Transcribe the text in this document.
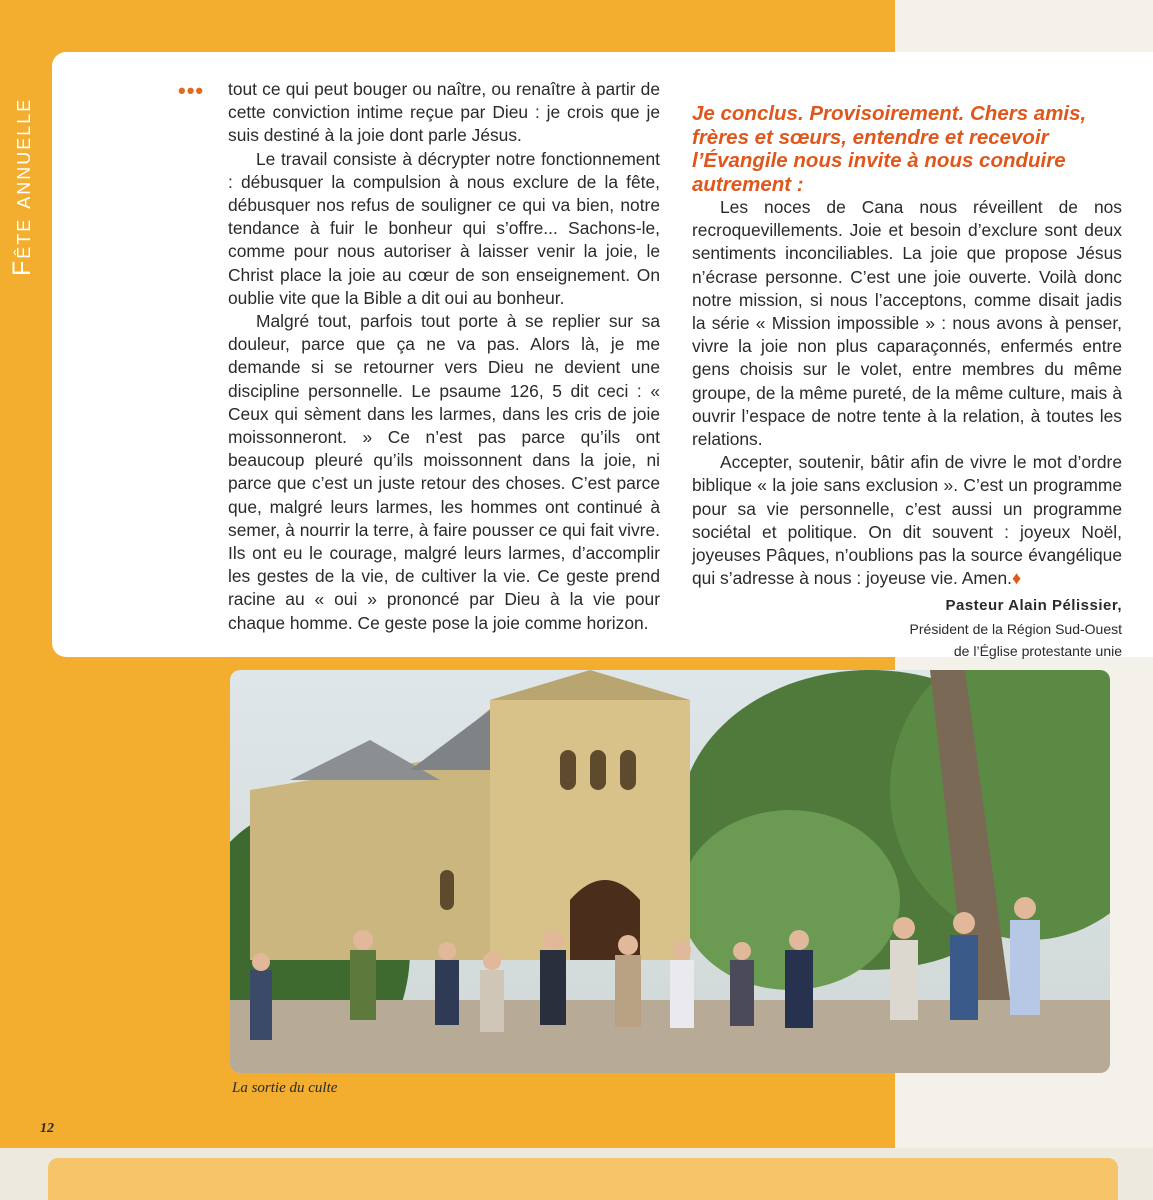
Fête annuelle
••• tout ce qui peut bouger ou naître, ou renaître à partir de cette conviction intime reçue par Dieu : je crois que je suis destiné à la joie dont parle Jésus.

Le travail consiste à décrypter notre fonctionnement : débusquer la compulsion à nous exclure de la fête, débusquer nos refus de souligner ce qui va bien, notre tendance à fuir le bonheur qui s’offre... Sachons-le, comme pour nous autoriser à laisser venir la joie, le Christ place la joie au cœur de son enseignement. On oublie vite que la Bible a dit oui au bonheur.

Malgré tout, parfois tout porte à se replier sur sa douleur, parce que ça ne va pas. Alors là, je me demande si se retourner vers Dieu ne devient une discipline personnelle. Le psaume 126, 5 dit ceci : « Ceux qui sèment dans les larmes, dans les cris de joie moissonneront. » Ce n’est pas parce qu’ils ont beaucoup pleuré qu’ils moissonnent dans la joie, ni parce que c’est un juste retour des choses. C’est parce que, malgré leurs larmes, les hommes ont continué à semer, à nourrir la terre, à faire pousser ce qui fait vivre. Ils ont eu le courage, malgré leurs larmes, d’accomplir les gestes de la vie, de cultiver la vie. Ce geste prend racine au « oui » prononcé par Dieu à la vie pour chaque homme. Ce geste pose la joie comme horizon.

Je conclus. Provisoirement. Chers amis, frères et sœurs, entendre et recevoir l’Évangile nous invite à nous conduire autrement :

Les noces de Cana nous réveillent de nos recroquevillements. Joie et besoin d’exclure sont deux sentiments inconciliables. La joie que propose Jésus n’écrase personne. C’est une joie ouverte. Voilà donc notre mission, si nous l’acceptons, comme disait jadis la série « Mission impossible » : nous avons à penser, vivre la joie non plus caparaçonnés, enfermés entre gens choisis sur le volet, entre membres du même groupe, de la même pureté, de la même culture, mais à ouvrir l’espace de notre tente à la relation, à toutes les relations.

Accepter, soutenir, bâtir afin de vivre le mot d’ordre biblique « la joie sans exclusion ». C’est un programme pour sa vie personnelle, c’est aussi un programme sociétal et politique. On dit souvent : joyeux Noël, joyeuses Pâques, n’oublions pas la source évangélique qui s’adresse à nous : joyeuse vie. Amen.♦

Pasteur Alain Pélissier,
Président de la Région Sud-Ouest
de l’Église protestante unie
La sortie du culte
12
